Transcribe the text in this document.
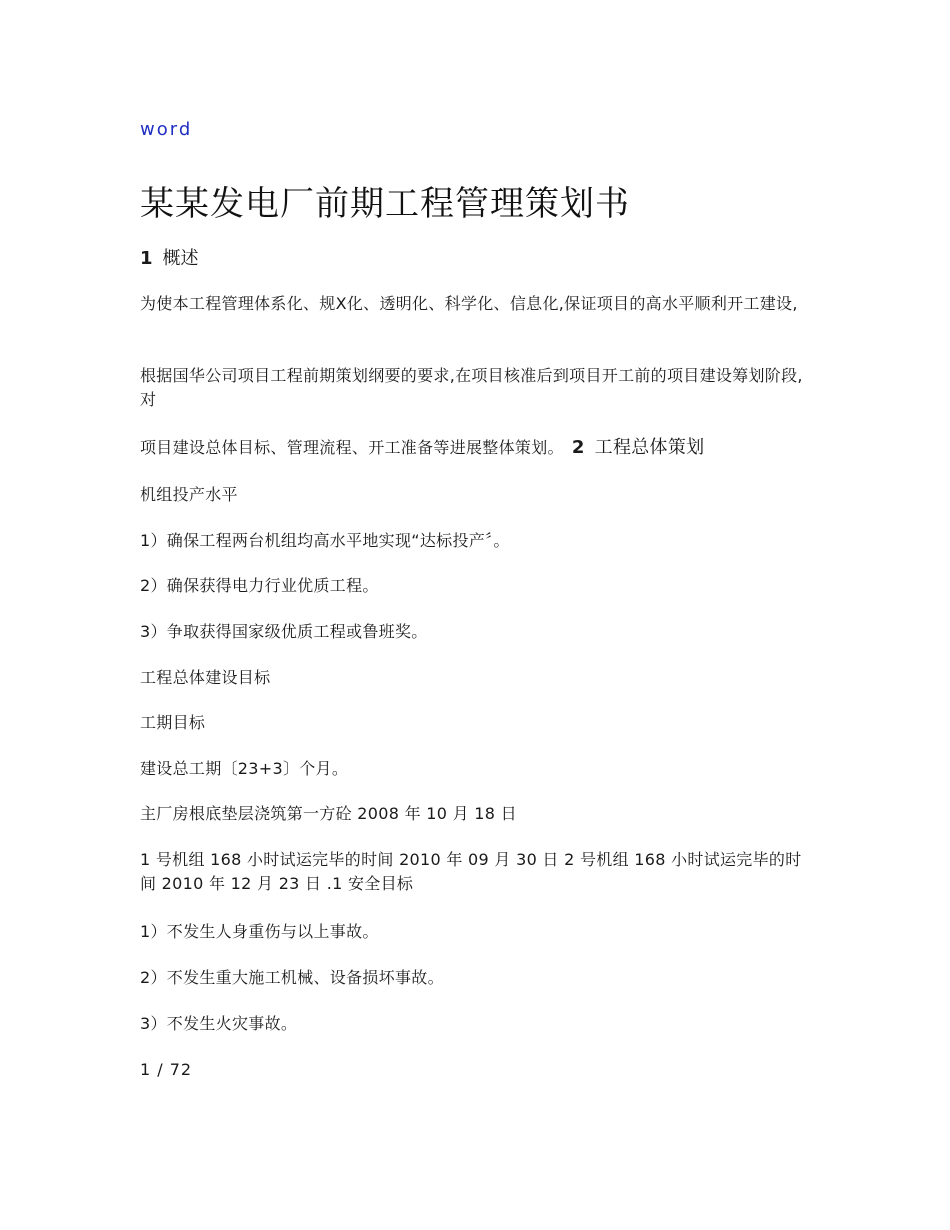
word
某某发电厂前期工程管理策划书
1 概述
为使本工程管理体系化、规X化、透明化、科学化、信息化,保证项目的高水平顺利开工建设,
根据国华公司项目工程前期策划纲要的要求,在项目核准后到项目开工前的项目建设筹划阶段,对
项目建设总体目标、管理流程、开工准备等进展整体策划。 2 工程总体策划
机组投产水平
1）确保工程两台机组均高水平地实现“达标投产〞。
2）确保获得电力行业优质工程。
3）争取获得国家级优质工程或鲁班奖。
工程总体建设目标
工期目标
建设总工期〔23+3〕个月。
主厂房根底垫层浇筑第一方砼 2008 年 10 月 18 日
1 号机组 168 小时试运完毕的时间 2010 年 09 月 30 日 2 号机组 168 小时试运完毕的时间 2010 年 12 月 23 日 .1 安全目标
1）不发生人身重伤与以上事故。
2）不发生重大施工机械、设备损坏事故。
3）不发生火灾事故。
1 / 72
